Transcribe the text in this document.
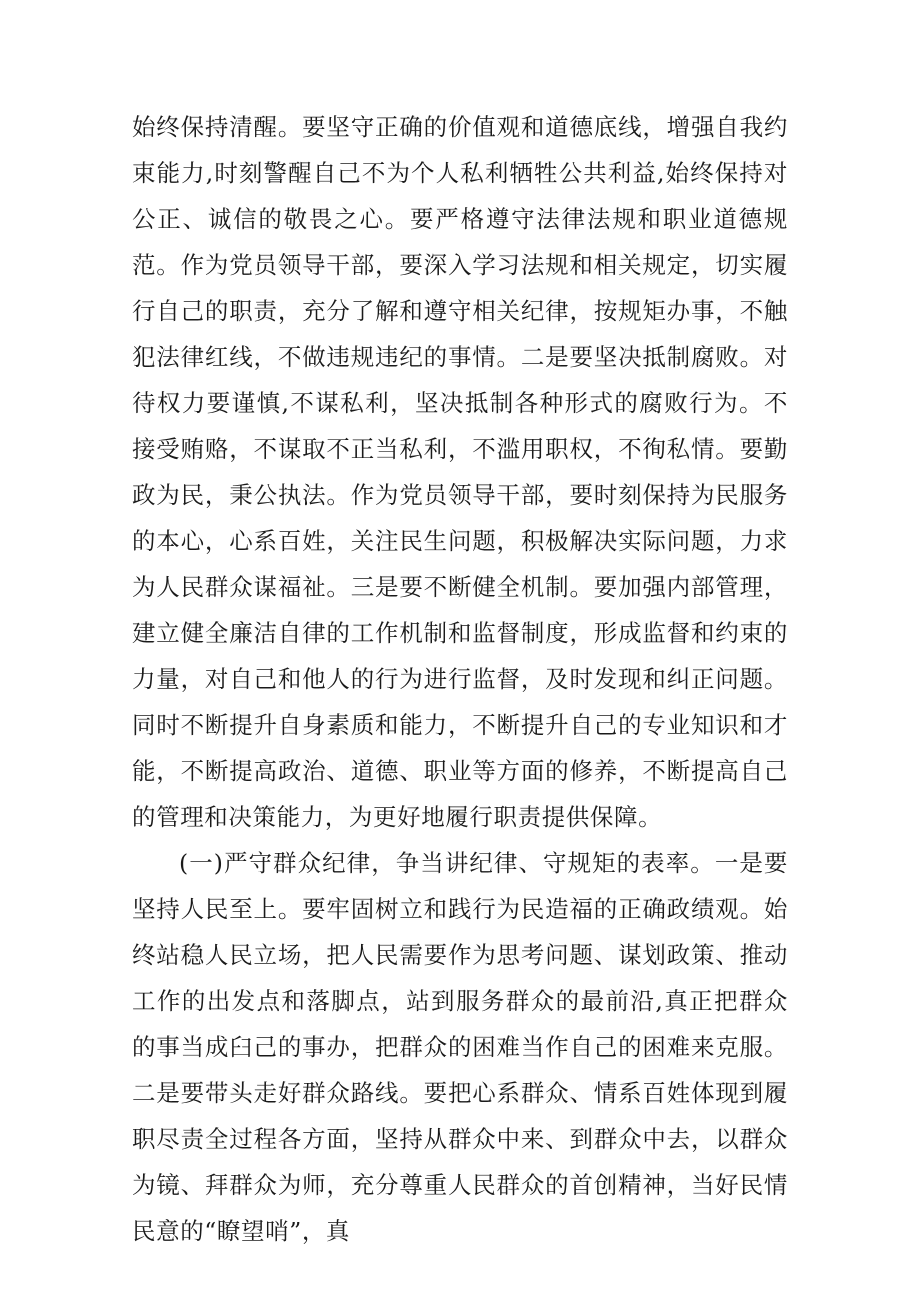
始终保持清醒。要坚守正确的价值观和道德底线，增强自我约束能力,时刻警醒自己不为个人私利牺牲公共利益,始终保持对公正、诚信的敬畏之心。要严格遵守法律法规和职业道德规范。作为党员领导干部，要深入学习法规和相关规定，切实履行自己的职责，充分了解和遵守相关纪律，按规矩办事，不触犯法律红线，不做违规违纪的事情。二是要坚决抵制腐败。对待权力要谨慎,不谋私利，坚决抵制各种形式的腐败行为。不接受贿赂，不谋取不正当私利，不滥用职权，不徇私情。要勤政为民，秉公执法。作为党员领导干部，要时刻保持为民服务的本心，心系百姓，关注民生问题，积极解决实际问题，力求为人民群众谋福祉。三是要不断健全机制。要加强内部管理，建立健全廉洁自律的工作机制和监督制度，形成监督和约束的力量，对自己和他人的行为进行监督，及时发现和纠正问题。同时不断提升自身素质和能力，不断提升自己的专业知识和才能，不断提高政治、道德、职业等方面的修养，不断提高自己的管理和决策能力，为更好地履行职责提供保障。

(一)严守群众纪律，争当讲纪律、守规矩的表率。一是要坚持人民至上。要牢固树立和践行为民造福的正确政绩观。始终站稳人民立场，把人民需要作为思考问题、谋划政策、推动工作的出发点和落脚点，站到服务群众的最前沿,真正把群众的事当成臼己的事办，把群众的困难当作自己的困难来克服。二是要带头走好群众路线。要把心系群众、情系百姓体现到履职尽责全过程各方面，坚持从群众中来、到群众中去，以群众为镜、拜群众为师，充分尊重人民群众的首创精神，当好民情民意的“瞭望哨”，真
